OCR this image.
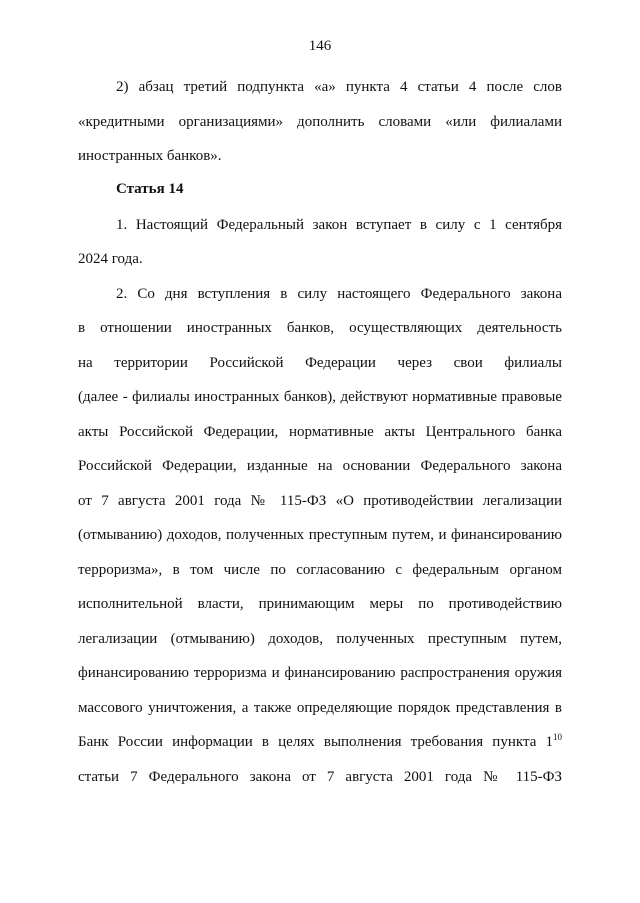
146
2) абзац третий подпункта «а» пункта 4 статьи 4 после слов
«кредитными организациями» дополнить словами «или филиалами
иностранных банков».
Статья 14
1. Настоящий Федеральный закон вступает в силу с 1 сентября
2024 года.
2. Со дня вступления в силу настоящего Федерального закона
в отношении иностранных банков, осуществляющих деятельность
на территории Российской Федерации через свои филиалы
(далее - филиалы иностранных банков), действуют нормативные правовые
акты Российской Федерации, нормативные акты Центрального банка
Российской Федерации, изданные на основании Федерального закона
от 7 августа 2001 года № 115-ФЗ «О противодействии легализации
(отмыванию) доходов, полученных преступным путем, и финансированию
терроризма», в том числе по согласованию с федеральным органом
исполнительной власти, принимающим меры по противодействию
легализации (отмыванию) доходов, полученных преступным путем,
финансированию терроризма и финансированию распространения оружия
массового уничтожения, а также определяющие порядок представления в
Банк России информации в целях выполнения требования пункта $1^{10}$
статьи 7 Федерального закона от 7 августа 2001 года № 115-ФЗ
